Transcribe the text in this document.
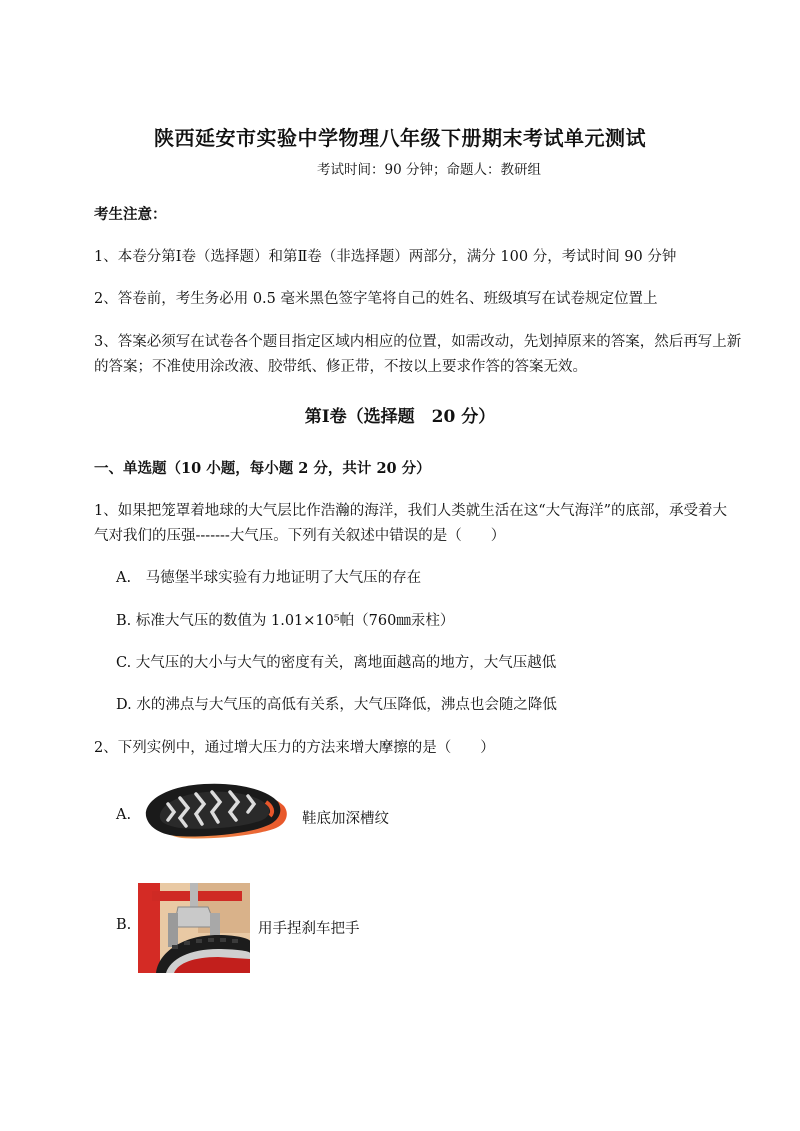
陕西延安市实验中学物理八年级下册期末考试单元测试
考试时间：90 分钟；命题人：教研组
考生注意：
1、本卷分第Ⅰ卷（选择题）和第Ⅱ卷（非选择题）两部分，满分 100 分，考试时间 90 分钟
2、答卷前，考生务必用 0.5 毫米黑色签字笔将自己的姓名、班级填写在试卷规定位置上
3、答案必须写在试卷各个题目指定区域内相应的位置，如需改动，先划掉原来的答案，然后再写上新
的答案；不准使用涂改液、胶带纸、修正带，不按以上要求作答的答案无效。
第Ⅰ卷（选择题　20 分）
一、单选题（10 小题，每小题 2 分，共计 20 分）
1、如果把笼罩着地球的大气层比作浩瀚的海洋，我们人类就生活在这“大气海洋”的底部，承受着大
气对我们的压强-------大气压。下列有关叙述中错误的是（　　）
A.　马德堡半球实验有力地证明了大气压的存在
B. 标准大气压的数值为 1.01×10⁵帕（760㎜汞柱）
C. 大气压的大小与大气的密度有关，离地面越高的地方，大气压越低
D. 水的沸点与大气压的高低有关系，大气压降低，沸点也会随之降低
2、下列实例中，通过增大压力的方法来增大摩擦的是（　　）
A.	鞋底加深槽纹
B.	用手捏刹车把手
